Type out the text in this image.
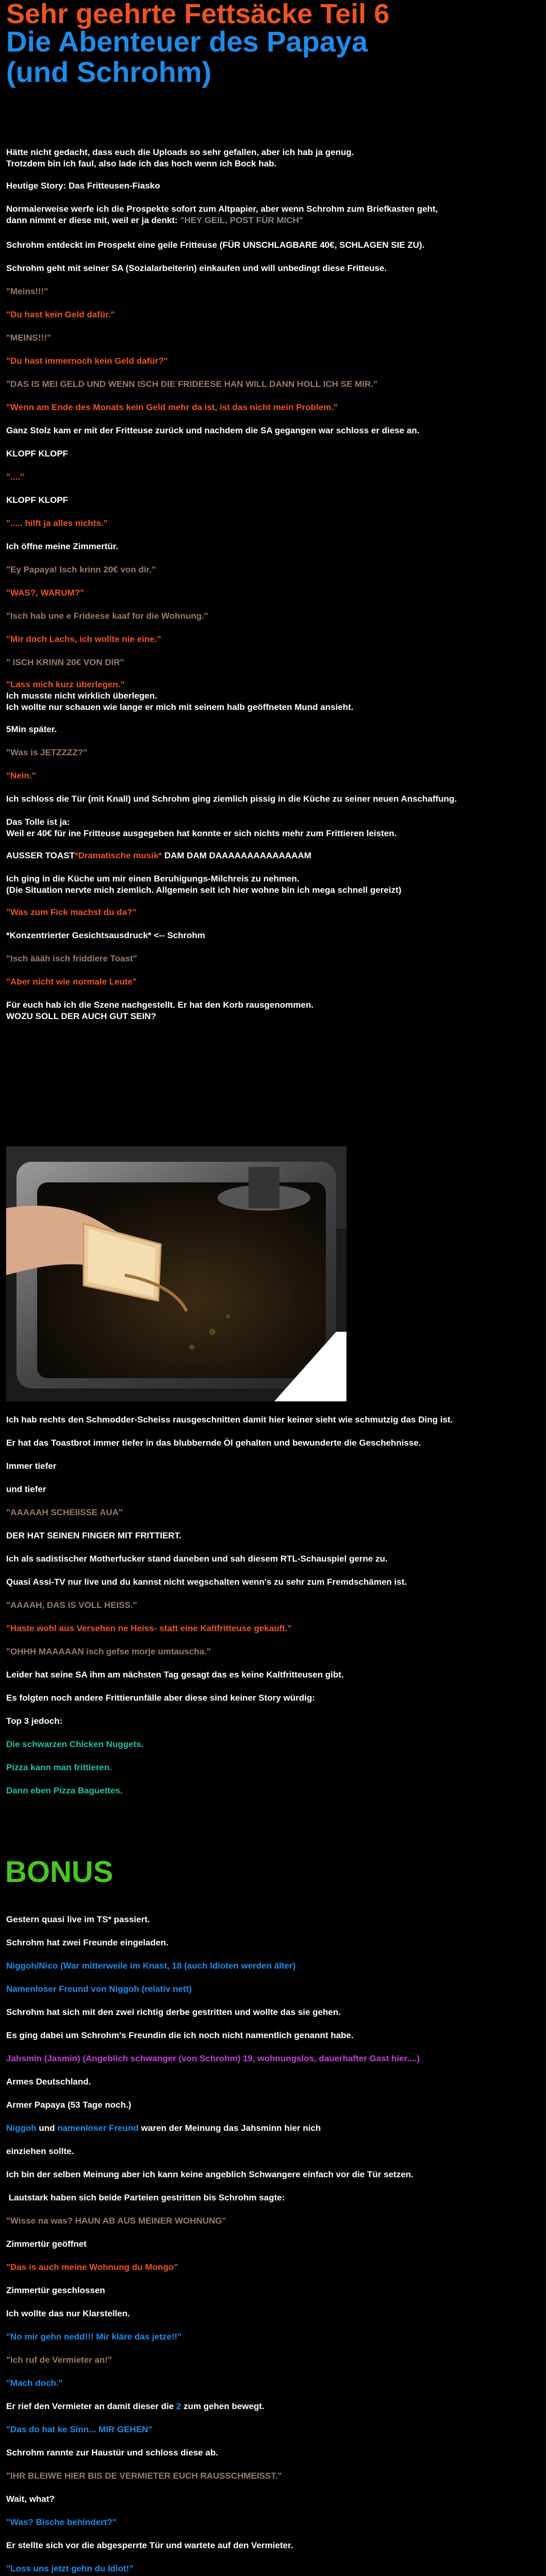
Sehr geehrte Fettsäcke Teil 6
Die Abenteuer des Papaya
(und Schrohm)
Hätte nicht gedacht, dass euch die Uploads so sehr gefallen, aber ich hab ja genug.
Trotzdem bin ich faul, also lade ich das hoch wenn ich Bock hab.
Heutige Story: Das Fritteusen-Fiasko
Normalerweise werfe ich die Prospekte sofort zum Altpapier, aber wenn Schrohm zum Briefkasten geht,
dann nimmt er diese mit, weil er ja denkt: "HEY GEIL, POST FÜR MICH"
Schrohm entdeckt im Prospekt eine geile Fritteuse (FÜR UNSCHLAGBARE 40€, SCHLAGEN SIE ZU).
Schrohm geht mit seiner SA (Sozialarbeiterin) einkaufen und will unbedingt diese Fritteuse.
"Meins!!!"
"Du hast kein Geld dafür."
"MEINS!!!"
"Du hast immernoch kein Geld dafür?"
"DAS IS MEI GELD UND WENN ISCH DIE FRIDEESE HAN WILL DANN HOLL ICH SE MIR."
"Wenn am Ende des Monats kein Geld mehr da ist, ist das nicht mein Problem."
Ganz Stolz kam er mit der Fritteuse zurück und nachdem die SA gegangen war schloss er diese an.
KLOPF KLOPF
"...."
KLOPF KLOPF
"..... hilft ja alles nichts."
Ich öffne meine Zimmertür.
"Ey Papaya! Isch krinn 20€ von dir."
"WAS?, WARUM?"
"Isch hab une e Frideese kaaf for die Wohnung."
"Mir doch Lachs, ich wollte nie eine."
" ISCH KRINN 20€ VON DIR"
"Lass mich kurz überlegen."
Ich musste nicht wirklich überlegen.
Ich wollte nur schauen wie lange er mich mit seinem halb geöffneten Mund ansieht.
5Min später.
"Was is JETZZZZ?"
"Nein."
Ich schloss die Tür (mit Knall) und Schrohm ging ziemlich pissig in die Küche zu seiner neuen Anschaffung.
Das Tolle ist ja:
Weil er 40€ für ine Fritteuse ausgegeben hat konnte er sich nichts mehr zum Frittieren leisten.
AUSSER TOAST*Dramatische musik* DAM DAM DAAAAAAAAAAAAAAM
Ich ging in die Küche um mir einen Beruhigungs-Milchreis zu nehmen.
(Die Situation nervte mich ziemlich. Allgemein seit ich hier wohne bin ich mega schnell gereizt)
"Was zum Fick machst du da?"
*Konzentrierter Gesichtsausdruck* <-- Schrohm
"Isch äääh isch friddiere Toast"
"Aber nicht wie normale Leute"
Für euch hab ich die Szene nachgestellt. Er hat den Korb rausgenommen.
WOZU SOLL DER AUCH GUT SEIN?
Ich hab rechts den Schmodder-Scheiss rausgeschnitten damit hier keiner sieht wie schmutzig das Ding ist.
Er hat das Toastbrot immer tiefer in das blubbernde Öl gehalten und bewunderte die Geschehnisse.
Immer tiefer
und tiefer
"AAAAAH SCHEIISSE AUA"
DER HAT SEINEN FINGER MIT FRITTIERT.
Ich als sadistischer Motherfucker stand daneben und sah diesem RTL-Schauspiel gerne zu.
Quasi Assi-TV nur live und du kannst nicht wegschalten wenn's zu sehr zum Fremdschämen ist.
"AAAAH, DAS IS VOLL HEISS."
"Haste wohl aus Versehen ne Heiss- statt eine Kaltfritteuse gekauft."
"OHHH MAAAAAN isch gefse morje umtauscha."
Leider hat seine SA ihm am nächsten Tag gesagt das es keine Kaltfritteusen gibt.
Es folgten noch andere Frittierunfälle aber diese sind keiner Story würdig:
Top 3 jedoch:
Die schwarzen Chicken Nuggets.
Pizza kann man frittieren.
Dann eben Pizza Baguettes.
BONUS
Gestern quasi live im TS* passiert.
Schrohm hat zwei Freunde eingeladen.
Niggoh/Nico (War mitterweile im Knast, 18 (auch Idioten werden älter)
Namenloser Freund von Niggoh (relativ nett)
Schrohm hat sich mit den zwei richtig derbe gestritten und wollte das sie gehen.
Es ging dabei um Schrohm's Freundin die ich noch nicht namentlich genannt habe.
Jahsmin (Jasmin) (Angeblich schwanger (von Schrohm) 19, wohnungslos, dauerhafter Gast hier....)
Armes Deutschland.
Armer Papaya (53 Tage noch.)
Niggoh und namenloser Freund waren der Meinung das Jahsminn hier nich
einziehen sollte.
Ich bin der selben Meinung aber ich kann keine angeblich Schwangere einfach vor die Tür setzen.
Lautstark haben sich beide Parteien gestritten bis Schrohm sagte:
"Wisse na was? HAUN AB AUS MEINER WOHNUNG"
Zimmertür geöffnet
"Das is auch meine Wohnung du Mongo"
Zimmertür geschlossen
Ich wollte das nur Klarstellen.
"No mir gehn nedd!!! Mir kläre das jetze!!"
"Ich ruf de Vermieter an!"
"Mach doch."
Er rief den Vermieter an damit dieser die 2 zum gehen bewegt.
"Das do hat ke Sinn... MIR GEHEN"
Schrohm rannte zur Haustür und schloss diese ab.
"IHR BLEIWE HIER BIS DE VERMIETER EUCH RAUSSCHMEISST."
Wait, what?
"Was? Bische behindert?"
Er stellte sich vor die abgesperrte Tür und wartete auf den Vermieter.
"Loss uns jetzt gehn du Idiot!"
